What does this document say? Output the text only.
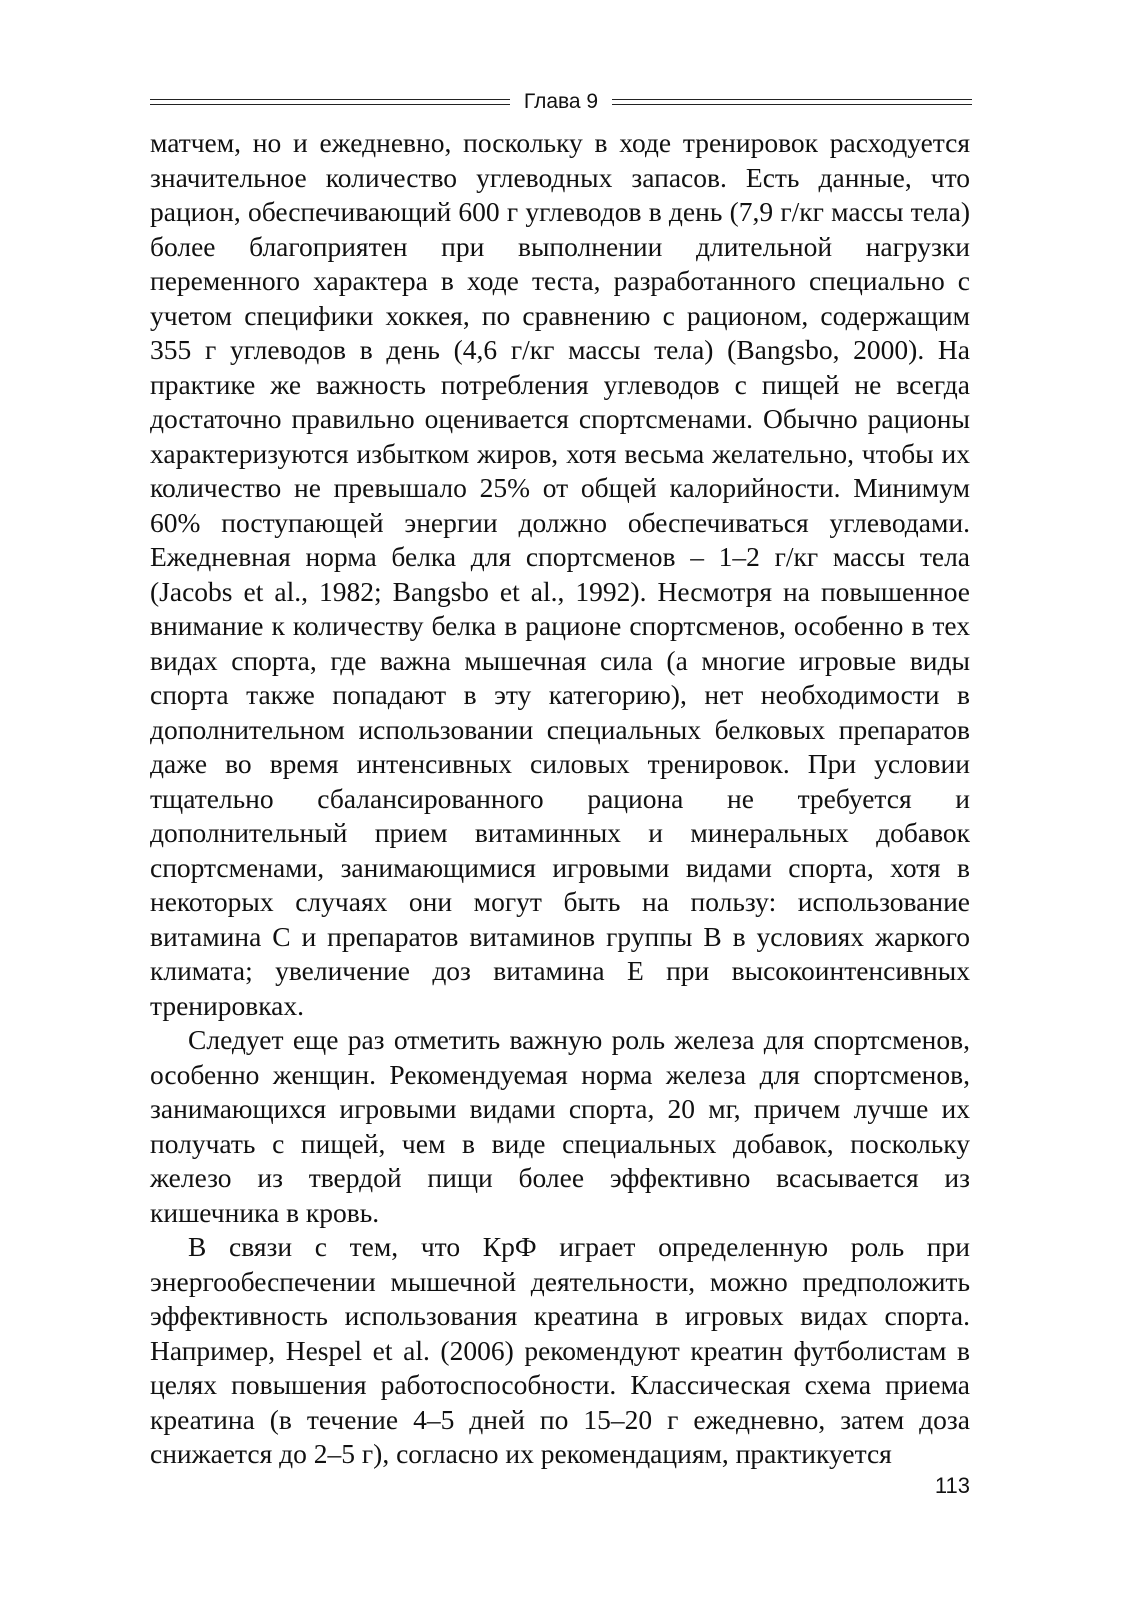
Глава 9

матчем, но и ежедневно, поскольку в ходе тренировок расходуется значительное количество углеводных запасов. Есть данные, что рацион, обеспечивающий 600 г углеводов в день (7,9 г/кг массы тела) более благоприятен при выполнении длительной нагрузки переменного характера в ходе теста, разработанного специально с учетом специфики хоккея, по сравнению с рационом, содержащим 355 г углеводов в день (4,6 г/кг массы тела) (Bangsbo, 2000). На практике же важность потребления углеводов с пищей не всегда достаточно правильно оценивается спортсменами. Обычно рационы характеризуются избытком жиров, хотя весьма желательно, чтобы их количество не превышало 25% от общей калорийности. Минимум 60% поступающей энергии должно обеспечиваться углеводами. Ежедневная норма белка для спортсменов – 1–2 г/кг массы тела (Jacobs et al., 1982; Bangsbo et al., 1992). Несмотря на повышенное внимание к количеству белка в рационе спортсменов, особенно в тех видах спорта, где важна мышечная сила (а многие игровые виды спорта также попадают в эту категорию), нет необходимости в дополнительном использовании специальных белковых препаратов даже во время интенсивных силовых тренировок. При условии тщательно сбалансированного рациона не требуется и дополнительный прием витаминных и минеральных добавок спортсменами, занимающимися игровыми видами спорта, хотя в некоторых случаях они могут быть на пользу: использование витамина С и препаратов витаминов группы В в условиях жаркого климата; увеличение доз витамина Е при высокоинтенсивных тренировках.

Следует еще раз отметить важную роль железа для спортсменов, особенно женщин. Рекомендуемая норма железа для спортсменов, занимающихся игровыми видами спорта, 20 мг, причем лучше их получать с пищей, чем в виде специальных добавок, поскольку железо из твердой пищи более эффективно всасывается из кишечника в кровь.

В связи с тем, что КрФ играет определенную роль при энергообеспечении мышечной деятельности, можно предположить эффективность использования креатина в игровых видах спорта. Например, Hespel et al. (2006) рекомендуют креатин футболистам в целях повышения работоспособности. Классическая схема приема креатина (в течение 4–5 дней по 15–20 г ежедневно, затем доза снижается до 2–5 г), согласно их рекомендациям, практикуется

113
